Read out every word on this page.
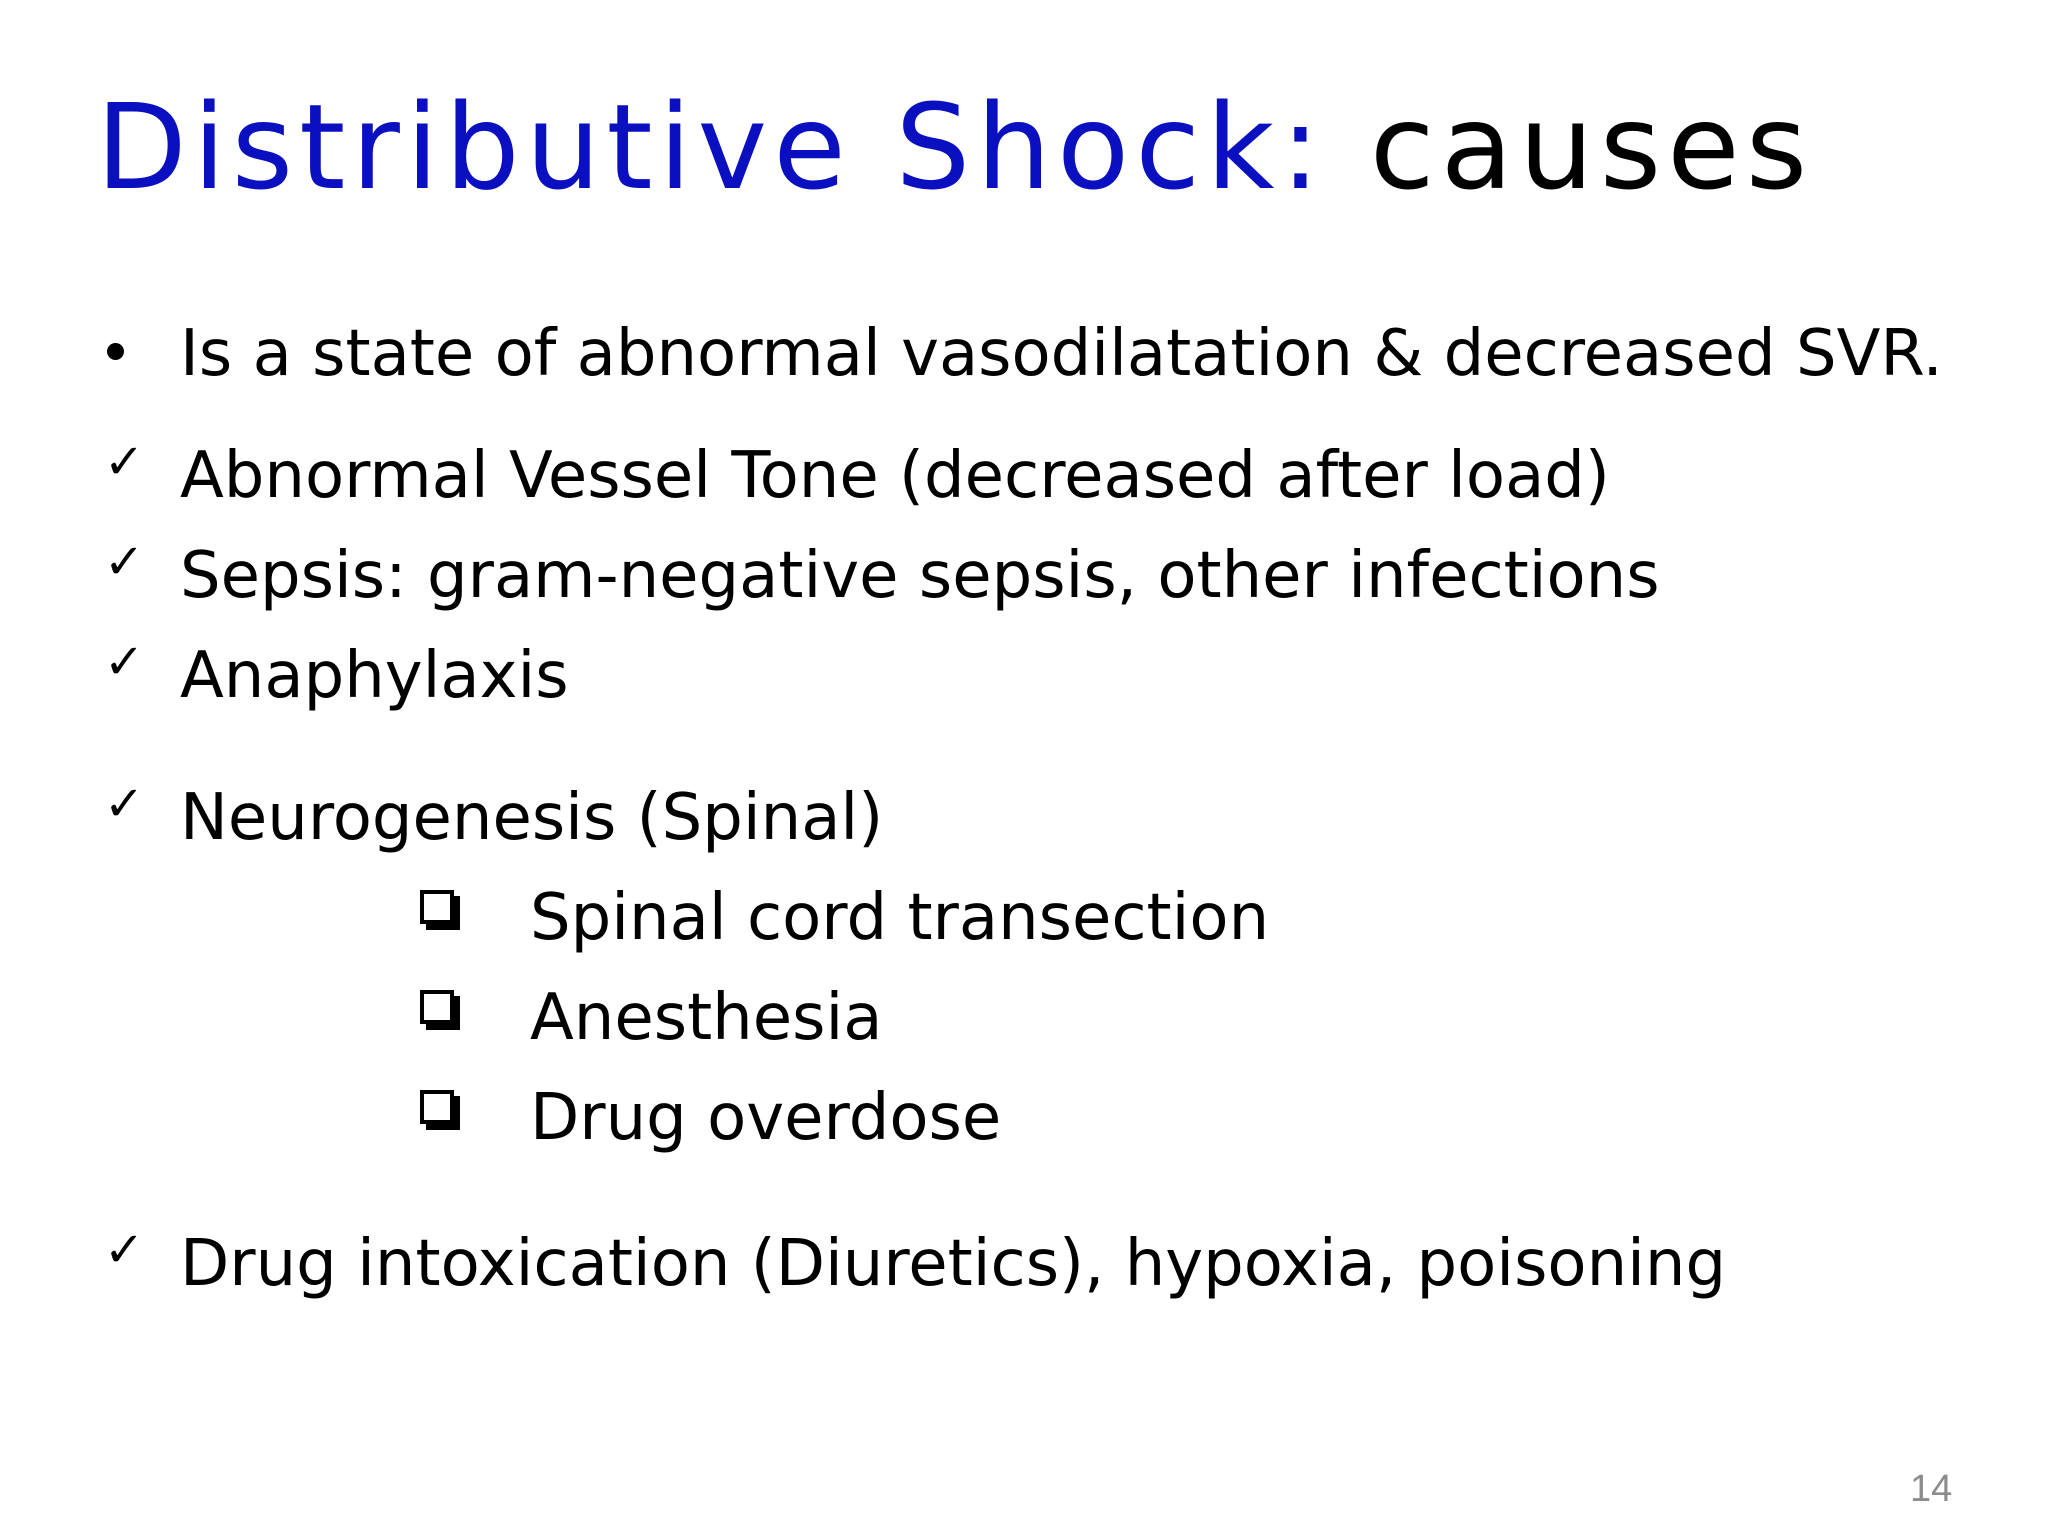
Distributive Shock: causes
Is a state of abnormal vasodilatation & decreased SVR.
✓ Abnormal Vessel Tone (decreased after load)
✓ Sepsis: gram-negative sepsis, other infections
✓ Anaphylaxis
✓ Neurogenesis (Spinal)
Spinal cord transection
Anesthesia
Drug overdose
✓ Drug intoxication (Diuretics), hypoxia, poisoning
14
